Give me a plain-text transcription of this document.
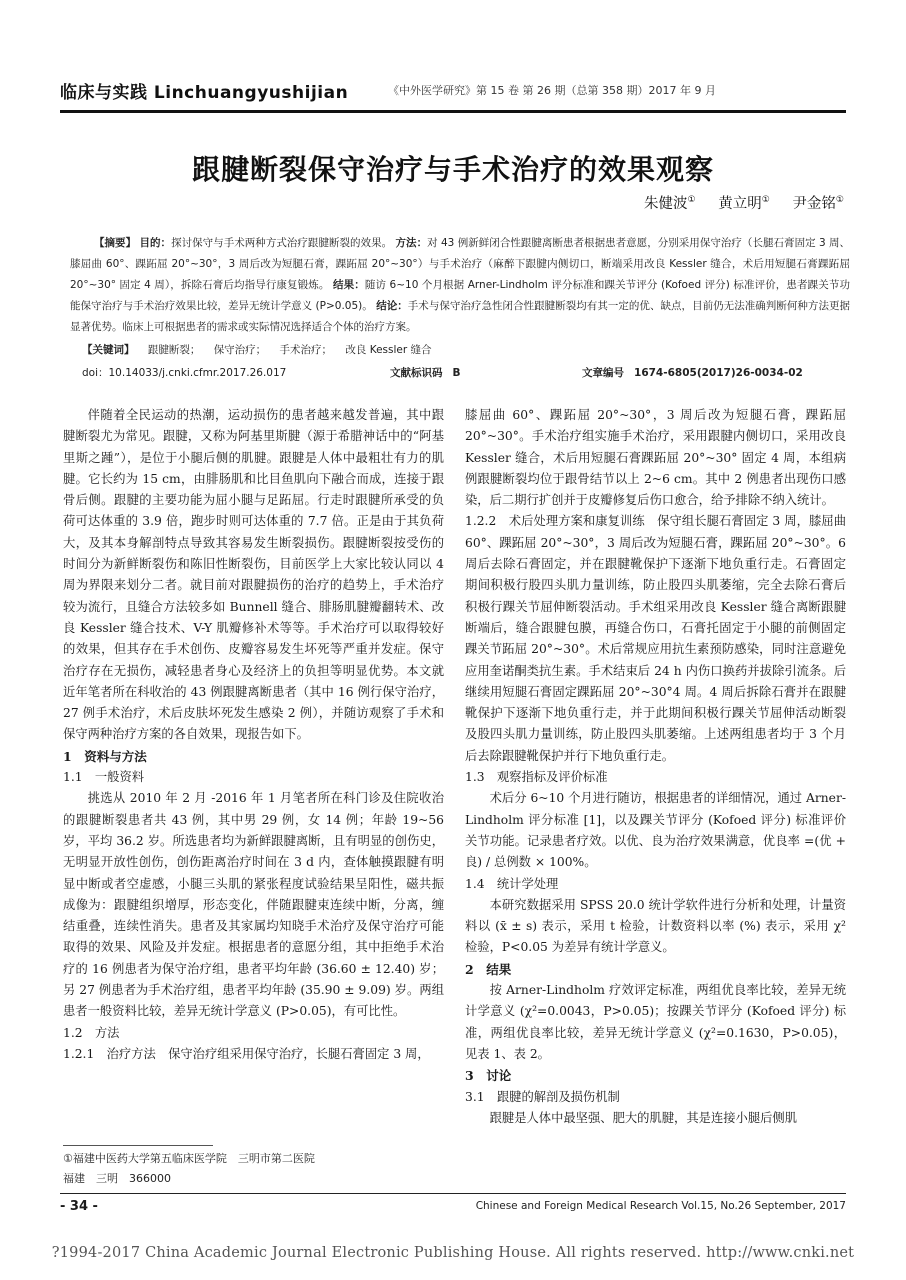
临床与实践 Linchuangyushijian	《中外医学研究》第 15 卷 第 26 期（总第 358 期）2017 年 9 月
跟腱断裂保守治疗与手术治疗的效果观察
朱健波① 黄立明① 尹金铭①
【摘要】 目的：探讨保守与手术两种方式治疗跟腱断裂的效果。 方法：对 43 例新鲜闭合性跟腱离断患者根据患者意愿，分别采用保守治疗（长腿石膏固定 3 周、膝屈曲 60°、踝跖屈 20°~30°，3 周后改为短腿石膏，踝跖屈 20°~30°）与手术治疗（麻醉下跟腱内侧切口，断端采用改良 Kessler 缝合，术后用短腿石膏踝跖屈 20°~30° 固定 4 周），拆除石膏后均指导行康复锻炼。 结果：随访 6~10 个月根据 Arner-Lindholm 评分标准和踝关节评分 (Kofoed 评分) 标准评价，患者踝关节功能保守治疗与手术治疗效果比较，差异无统计学意义 (P>0.05)。 结论：手术与保守治疗急性闭合性跟腱断裂均有其一定的优、缺点，目前仍无法准确判断何种方法更据显著优势。临床上可根据患者的需求或实际情况选择适合个体的治疗方案。
【关键词】 跟腱断裂； 保守治疗； 手术治疗； 改良 Kessler 缝合
doi：10.14033/j.cnki.cfmr.2017.26.017	文献标识码 B	文章编号 1674-6805(2017)26-0034-02

伴随着全民运动的热潮，运动损伤的患者越来越发普遍，其中跟腱断裂尤为常见。跟腱，又称为阿基里斯腱（源于希腊神话中的“阿基里斯之踵”），是位于小腿后侧的肌腱。跟腱是人体中最粗壮有力的肌腱。它长约为 15 cm，由腓肠肌和比目鱼肌向下融合而成，连接于跟骨后侧。跟腱的主要功能为屈小腿与足跖屈。行走时跟腱所承受的负荷可达体重的 3.9 倍，跑步时则可达体重的 7.7 倍。正是由于其负荷大，及其本身解剖特点导致其容易发生断裂损伤。跟腱断裂按受伤的时间分为新鲜断裂伤和陈旧性断裂伤，目前医学上大家比较认同以 4 周为界限来划分二者。就目前对跟腱损伤的治疗的趋势上，手术治疗较为流行，且缝合方法较多如 Bunnell 缝合、腓肠肌腱瓣翻转术、改良 Kessler 缝合技术、V-Y 肌瓣修补术等等。手术治疗可以取得较好的效果，但其存在手术创伤、皮瓣容易发生坏死等严重并发症。保守治疗存在无损伤，减轻患者身心及经济上的负担等明显优势。本文就近年笔者所在科收治的 43 例跟腱离断患者（其中 16 例行保守治疗，27 例手术治疗，术后皮肤坏死发生感染 2 例），并随访观察了手术和保守两种治疗方案的各自效果，现报告如下。

1　资料与方法
1.1　一般资料

挑选从 2010 年 2 月 -2016 年 1 月笔者所在科门诊及住院收治的跟腱断裂患者共 43 例，其中男 29 例，女 14 例；年龄 19~56 岁，平均 36.2 岁。所选患者均为新鲜跟腱离断，且有明显的创伤史，无明显开放性创伤，创伤距离治疗时间在 3 d 内，查体触摸跟腱有明显中断或者空虚感，小腿三头肌的紧张程度试验结果呈阳性，磁共振成像为：跟腱组织增厚，形态变化，伴随跟腱束连续中断，分离，缠结重叠，连续性消失。患者及其家属均知晓手术治疗及保守治疗可能取得的效果、风险及并发症。根据患者的意愿分组，其中拒绝手术治疗的 16 例患者为保守治疗组，患者平均年龄 (36.60 ± 12.40) 岁；另 27 例患者为手术治疗组，患者平均年龄 (35.90 ± 9.09) 岁。两组患者一般资料比较，差异无统计学意义 (P>0.05)，有可比性。

1.2　方法

1.2.1　治疗方法　保守治疗组采用保守治疗，长腿石膏固定 3 周，

膝屈曲 60°、踝跖屈 20°~30°，3 周后改为短腿石膏，踝跖屈 20°~30°。手术治疗组实施手术治疗，采用跟腱内侧切口，采用改良 Kessler 缝合，术后用短腿石膏踝跖屈 20°~30° 固定 4 周，本组病例跟腱断裂均位于跟骨结节以上 2~6 cm。其中 2 例患者出现伤口感染，后二期行扩创并于皮瓣修复后伤口愈合，给予排除不纳入统计。

1.2.2　术后处理方案和康复训练　保守组长腿石膏固定 3 周，膝屈曲 60°、踝跖屈 20°~30°，3 周后改为短腿石膏，踝跖屈 20°~30°。6 周后去除石膏固定，并在跟腱靴保护下逐渐下地负重行走。石膏固定期间积极行股四头肌力量训练，防止股四头肌萎缩，完全去除石膏后积极行踝关节屈伸断裂活动。手术组采用改良 Kessler 缝合离断跟腱断端后，缝合跟腱包膜，再缝合伤口，石膏托固定于小腿的前侧固定踝关节跖屈 20°~30°。术后常规应用抗生素预防感染，同时注意避免应用奎诺酮类抗生素。手术结束后 24 h 内伤口换药并拔除引流条。后继续用短腿石膏固定踝跖屈 20°~30°4 周。4 周后拆除石膏并在跟腱靴保护下逐渐下地负重行走，并于此期间积极行踝关节屈伸活动断裂及股四头肌力量训练，防止股四头肌萎缩。上述两组患者均于 3 个月后去除跟腱靴保护并行下地负重行走。

1.3　观察指标及评价标准

术后分 6~10 个月进行随访，根据患者的详细情况，通过 Arner-Lindholm 评分标准 [1]，以及踝关节评分 (Kofoed 评分) 标准评价关节功能。记录患者疗效。以优、良为治疗效果满意，优良率 =(优 + 良) / 总例数 × 100%。

1.4　统计学处理

本研究数据采用 SPSS 20.0 统计学软件进行分析和处理，计量资料以 (x̄ ± s) 表示，采用 t 检验，计数资料以率 (%) 表示，采用 χ² 检验，P<0.05 为差异有统计学意义。

2　结果

按 Arner-Lindholm 疗效评定标准，两组优良率比较，差异无统计学意义 (χ²=0.0043，P>0.05)；按踝关节评分 (Kofoed 评分) 标准，两组优良率比较，差异无统计学意义 (χ²=0.1630，P>0.05)，见表 1、表 2。

3　讨论
3.1　跟腱的解剖及损伤机制

跟腱是人体中最坚强、肥大的肌腱，其是连接小腿后侧肌

①福建中医药大学第五临床医学院　三明市第二医院
福建　三明　366000
- 34 -	Chinese and Foreign Medical Research Vol.15, No.26 September, 2017
?1994-2017 China Academic Journal Electronic Publishing House. All rights reserved. http://www.cnki.net
